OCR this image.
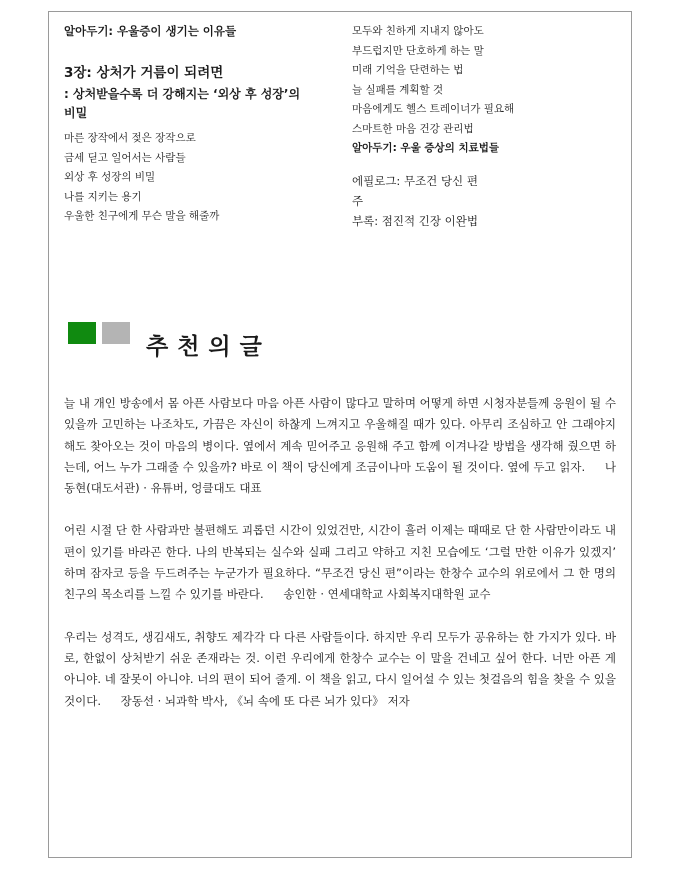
알아두기: 우울증이 생기는 이유들
3장: 상처가 거름이 되려면
: 상처받을수록 더 강해지는 ‘외상 후 성장’의
비밀
마른 장작에서 젖은 장작으로
금세 딛고 일어서는 사람들
외상 후 성장의 비밀
나를 지키는 용기
우울한 친구에게 무슨 말을 해줄까
모두와 친하게 지내지 않아도
부드럽지만 단호하게 하는 말
미래 기억을 단련하는 법
늘 실패를 계획할 것
마음에게도 헬스 트레이너가 필요해
스마트한 마음 건강 관리법
알아두기: 우울 증상의 치료법들
에필로그: 무조건 당신 편
주
부록: 점진적 긴장 이완법
추천의글

늘 내 개인 방송에서 몸 아픈 사람보다 마음 아픈 사람이 많다고 말하며 어떻게 하면 시청자분들께 응원이 될 수 있을까 고민하는 나조차도, 가끔은 자신이 하찮게 느껴지고 우울해질 때가 있다. 아무리 조심하고 안 그래야지 해도 찾아오는 것이 마음의 병이다. 옆에서 계속 믿어주고 응원해 주고 함께 이겨나갈 방법을 생각해 줬으면 하는데, 어느 누가 그래줄 수 있을까? 바로 이 책이 당신에게 조금이나마 도움이 될 것이다. 옆에 두고 읽자. 나동현(대도서관) · 유튜버, 엉클대도 대표

어린 시절 단 한 사람과만 불편해도 괴롭던 시간이 있었건만, 시간이 흘러 이제는 때때로 단 한 사람만이라도 내 편이 있기를 바라곤 한다. 나의 반복되는 실수와 실패 그리고 약하고 지친 모습에도 ‘그럴 만한 이유가 있겠지’ 하며 잠자코 등을 두드려주는 누군가가 필요하다. “무조건 당신 편”이라는 한창수 교수의 위로에서 그 한 명의 친구의 목소리를 느낄 수 있기를 바란다. 송인한 · 연세대학교 사회복지대학원 교수

우리는 성격도, 생김새도, 취향도 제각각 다 다른 사람들이다. 하지만 우리 모두가 공유하는 한 가지가 있다. 바로, 한없이 상처받기 쉬운 존재라는 것. 이런 우리에게 한창수 교수는 이 말을 건네고 싶어 한다. 너만 아픈 게 아니야. 네 잘못이 아니야. 너의 편이 되어 줄게. 이 책을 읽고, 다시 일어설 수 있는 첫걸음의 힘을 찾을 수 있을 것이다. 장동선 · 뇌과학 박사, 《뇌 속에 또 다른 뇌가 있다》 저자
